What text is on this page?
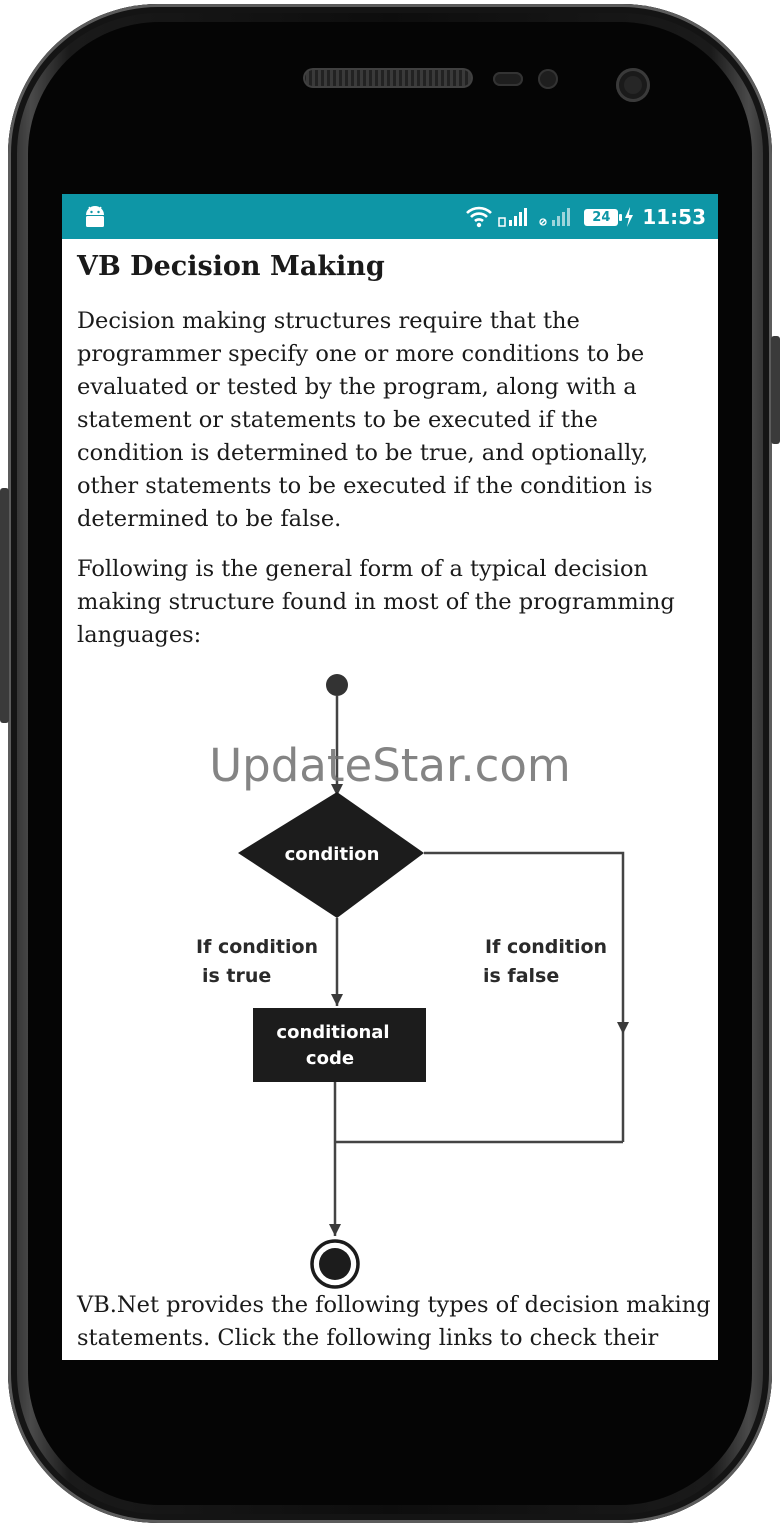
24 11:53
VB Decision Making

Decision making structures require that the programmer specify one or more conditions to be evaluated or tested by the program, along with a statement or statements to be executed if the condition is determined to be true, and optionally, other statements to be executed if the condition is determined to be false.

Following is the general form of a typical decision making structure found in most of the programming languages:

VB.Net provides the following types of decision making statements. Click the following links to check their

condition
If condition
is true
If condition
is false
conditional
code
UpdateStar.com
